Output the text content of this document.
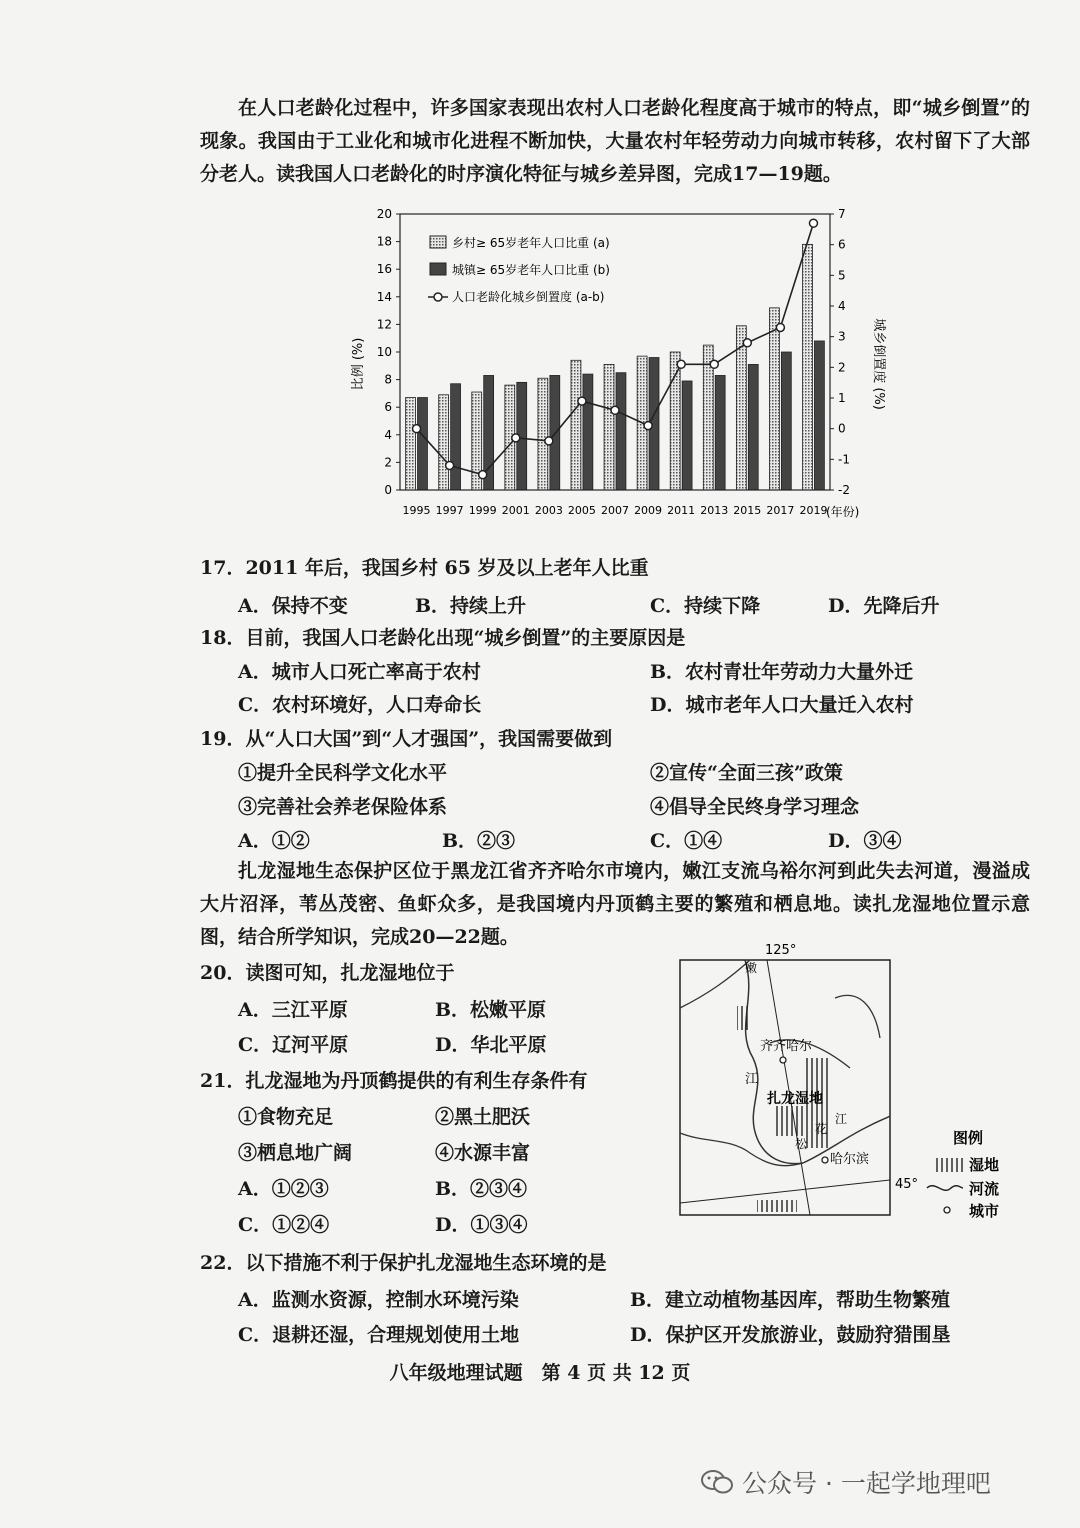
在人口老龄化过程中，许多国家表现出农村人口老龄化程度高于城市的特点，即“城乡倒置”的现象。我国由于工业化和城市化进程不断加快，大量农村年轻劳动力向城市转移，农村留下了大部分老人。读我国人口老龄化的时序演化特征与城乡差异图，完成17—19题。

0
2
4
6
8
10
12
14
16
18
20
-2
-1
0
1
2
3
4
5
6
7
1995 1997 1999 2001 2003 2005 2007 2009 2011 2013 2015 2017 2019
乡村≥ 65岁老年人口比重 (a)
城镇≥ 65岁老年人口比重 (b)
人口老龄化城乡倒置度 (a-b)
比例 (%)	城乡倒置度 (%)
(年份)
17．2011 年后，我国乡村 65 岁及以上老年人比重
A．保持不变	B．持续上升	C．持续下降	D．先降后升
18．目前，我国人口老龄化出现“城乡倒置”的主要原因是
A．城市人口死亡率高于农村	B．农村青壮年劳动力大量外迁
C．农村环境好，人口寿命长	D．城市老年人口大量迁入农村
19．从“人口大国”到“人才强国”，我国需要做到
①提升全民科学文化水平	②宣传“全面三孩”政策
③完善社会养老保险体系	④倡导全民终身学习理念
A．①②	B．②③	C．①④	D．③④

扎龙湿地生态保护区位于黑龙江省齐齐哈尔市境内，嫩江支流乌裕尔河到此失去河道，漫溢成大片沼泽，苇丛茂密、鱼虾众多，是我国境内丹顶鹤主要的繁殖和栖息地。读扎龙湿地位置示意图，结合所学知识，完成20—22题。

20．读图可知，扎龙湿地位于
A．三江平原	B．松嫩平原
C．辽河平原	D．华北平原
21．扎龙湿地为丹顶鹤提供的有利生存条件有
①食物充足	②黑土肥沃
③栖息地广阔	④水源丰富
A．①②③	B．②③④
C．①②④	D．①③④
22．以下措施不利于保护扎龙湿地生态环境的是
A．监测水资源，控制水环境污染	B．建立动植物基因库，帮助生物繁殖
C．退耕还湿，合理规划使用土地	D．保护区开发旅游业，鼓励狩猎围垦
125°
45°
齐齐哈尔
哈尔滨
扎龙湿地
嫩
江
松
花
江
图例
湿地
河流
城市
八年级地理试题　第 4 页 共 12 页
公众号 · 一起学地理吧
